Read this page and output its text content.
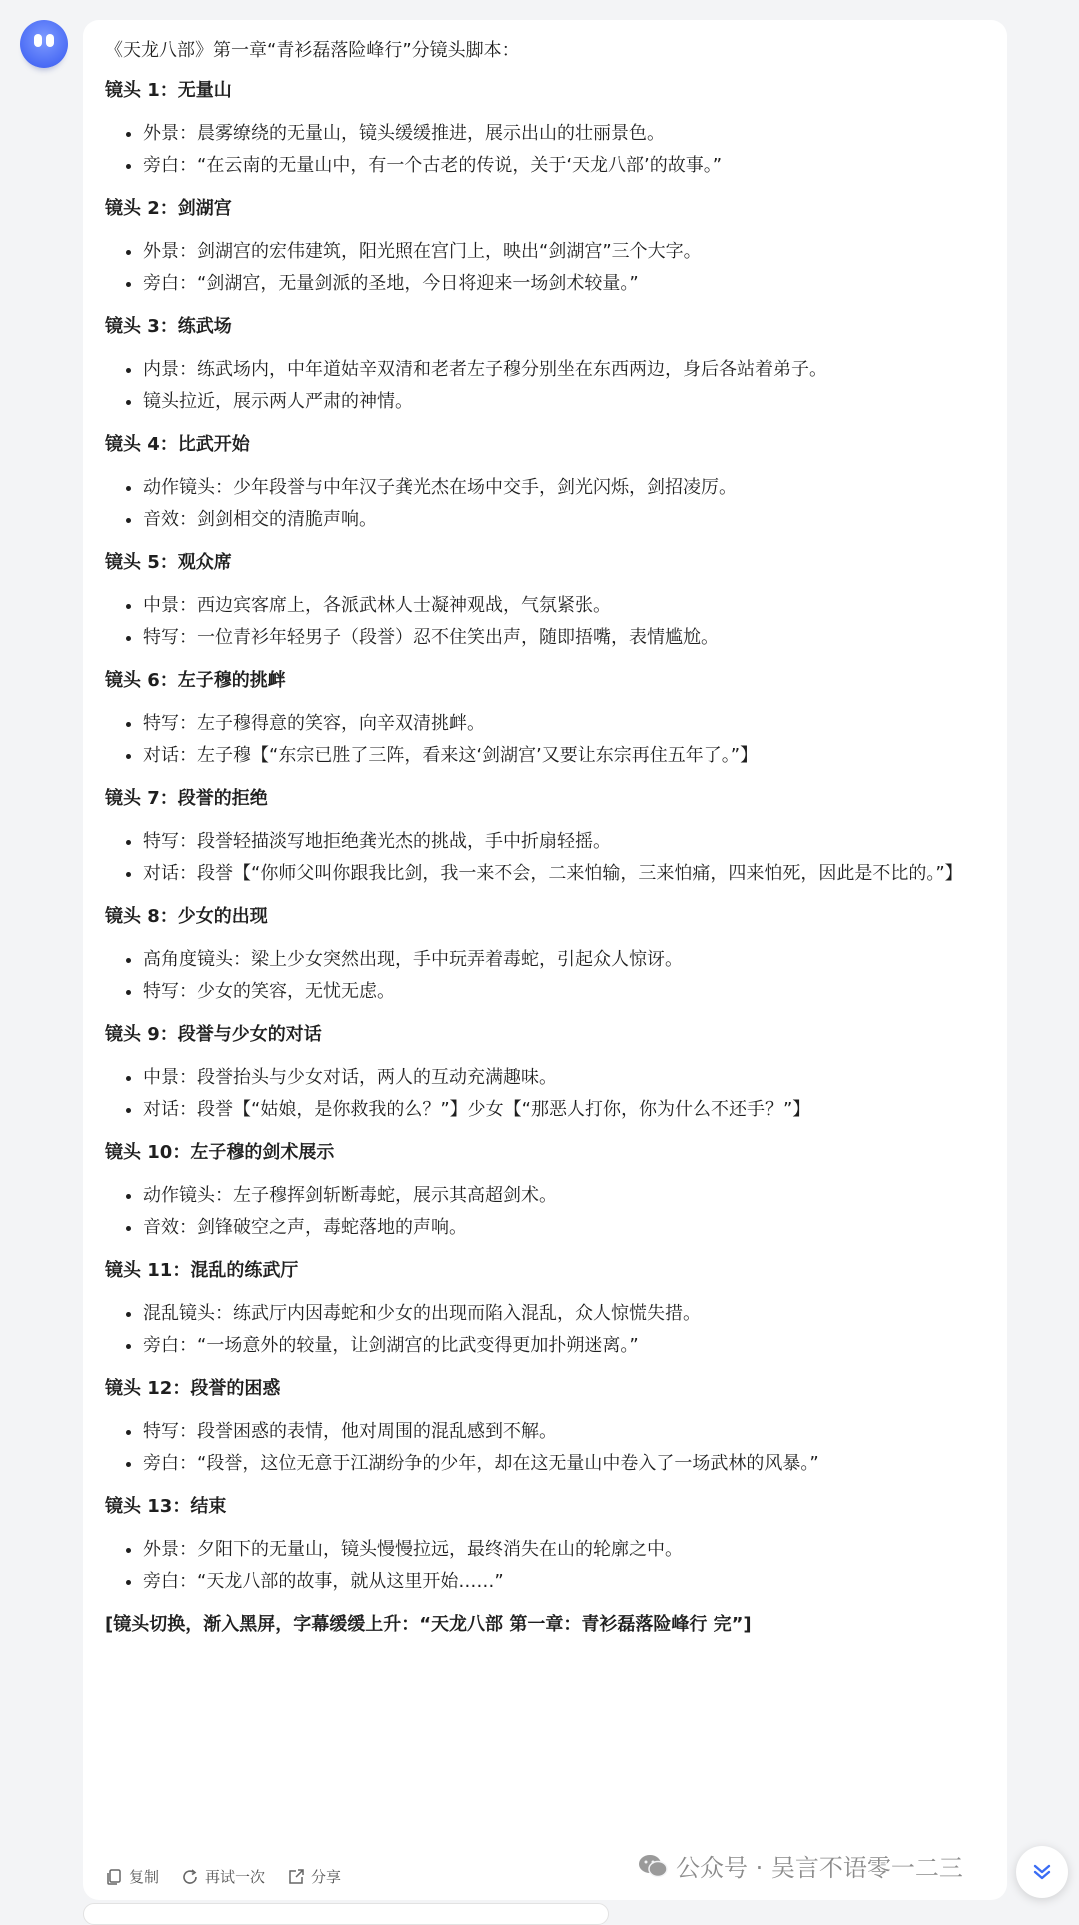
《天龙八部》第一章“青衫磊落险峰行”分镜头脚本：

镜头 1：无量山

• 外景：晨雾缭绕的无量山，镜头缓缓推进，展示出山的壮丽景色。
• 旁白：“在云南的无量山中，有一个古老的传说，关于‘天龙八部’的故事。”

镜头 2：剑湖宫

• 外景：剑湖宫的宏伟建筑，阳光照在宫门上，映出“剑湖宫”三个大字。
• 旁白：“剑湖宫，无量剑派的圣地，今日将迎来一场剑术较量。”

镜头 3：练武场

• 内景：练武场内，中年道姑辛双清和老者左子穆分别坐在东西两边，身后各站着弟子。
• 镜头拉近，展示两人严肃的神情。

镜头 4：比武开始

• 动作镜头：少年段誉与中年汉子龚光杰在场中交手，剑光闪烁，剑招凌厉。
• 音效：剑剑相交的清脆声响。

镜头 5：观众席

• 中景：西边宾客席上，各派武林人士凝神观战，气氛紧张。
• 特写：一位青衫年轻男子（段誉）忍不住笑出声，随即捂嘴，表情尴尬。

镜头 6：左子穆的挑衅

• 特写：左子穆得意的笑容，向辛双清挑衅。
• 对话：左子穆【“东宗已胜了三阵，看来这‘剑湖宫’又要让东宗再住五年了。”】

镜头 7：段誉的拒绝

• 特写：段誉轻描淡写地拒绝龚光杰的挑战，手中折扇轻摇。
• 对话：段誉【“你师父叫你跟我比剑，我一来不会，二来怕输，三来怕痛，四来怕死，因此是不比的。”】

镜头 8：少女的出现

• 高角度镜头：梁上少女突然出现，手中玩弄着毒蛇，引起众人惊讶。
• 特写：少女的笑容，无忧无虑。

镜头 9：段誉与少女的对话

• 中景：段誉抬头与少女对话，两人的互动充满趣味。
• 对话：段誉【“姑娘，是你救我的么？”】少女【“那恶人打你，你为什么不还手？”】

镜头 10：左子穆的剑术展示

• 动作镜头：左子穆挥剑斩断毒蛇，展示其高超剑术。
• 音效：剑锋破空之声，毒蛇落地的声响。

镜头 11：混乱的练武厅

• 混乱镜头：练武厅内因毒蛇和少女的出现而陷入混乱，众人惊慌失措。
• 旁白：“一场意外的较量，让剑湖宫的比武变得更加扑朔迷离。”

镜头 12：段誉的困惑

• 特写：段誉困惑的表情，他对周围的混乱感到不解。
• 旁白：“段誉，这位无意于江湖纷争的少年，却在这无量山中卷入了一场武林的风暴。”

镜头 13：结束

• 外景：夕阳下的无量山，镜头慢慢拉远，最终消失在山的轮廓之中。
• 旁白：“天龙八部的故事，就从这里开始……”

[镜头切换，渐入黑屏，字幕缓缓上升：“天龙八部 第一章：青衫磊落险峰行 完”]

复制	再试一次	分享	公众号 · 吴言不语零一二三
